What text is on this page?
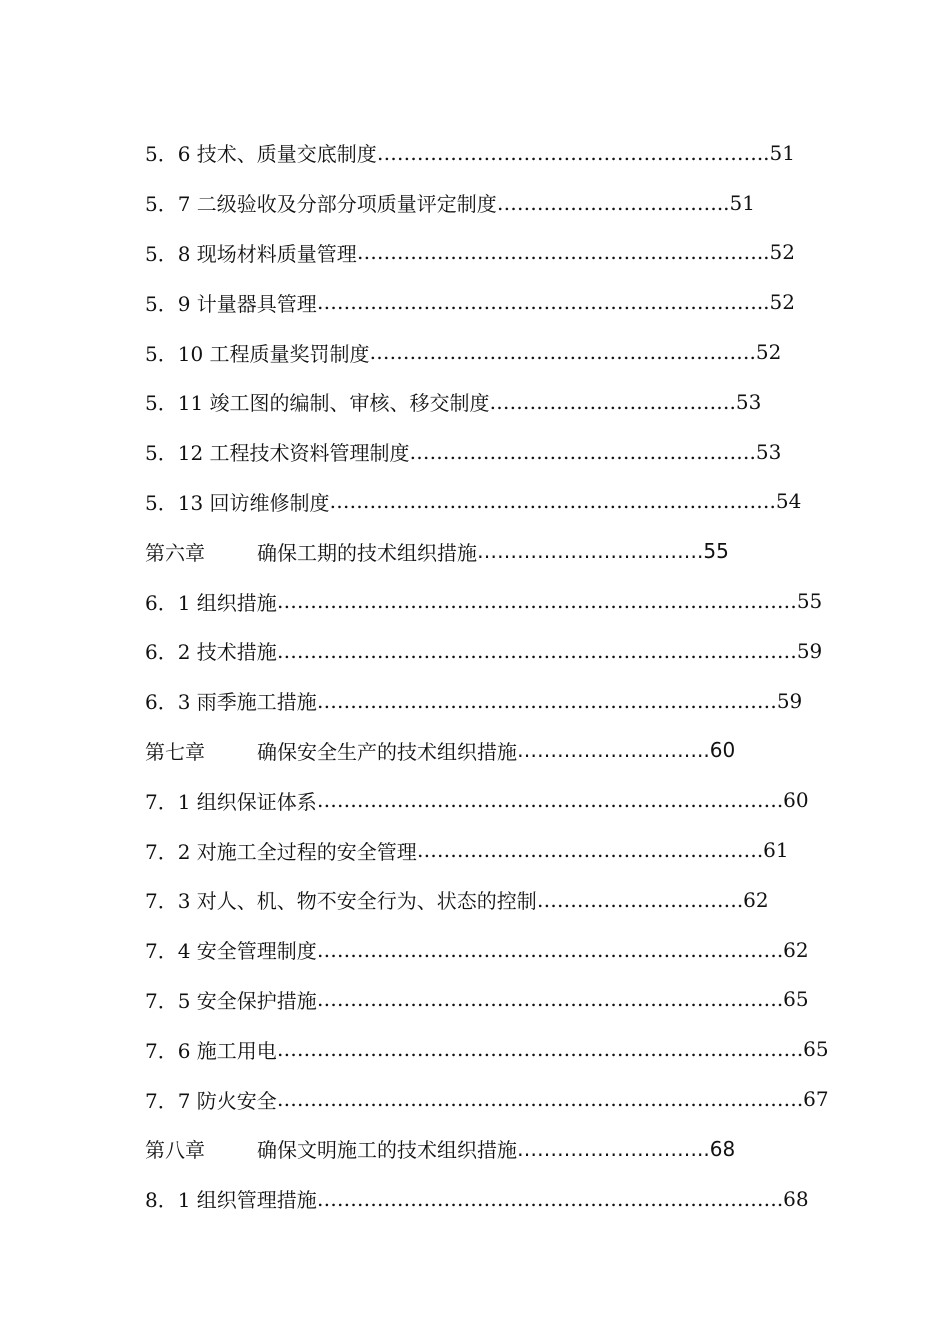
5．6 技术、质量交底制度 ………………………………………………….. 51
5．7 二级验收及分部分项质量评定制度 …………………………….. 51
5．8 现场材料质量管理 …………………………………………………….. 52
5．9 计量器具管理 ………………………………………………………….. 52
5．10 工程质量奖罚制度 …………………………………………………. 52
5．11 竣工图的编制、审核、移交制度 ………………………………. 53
5．12 工程技术资料管理制度 ……………………………………………. 53
5．13 回访维修制度 …………………………………………………………. 54
第六章	确保工期的技术组织措施 ……………………………. 55
6．1 组织措施 …………………………………………………………………… 55
6．2 技术措施 …………………………………………………………………… 59
6．3 雨季施工措施 …………………………………………………………… 59
第七章	确保安全生产的技术组织措施 ……………………….. 60
7．1 组织保证体系 ……………………………………………………………. 60
7．2 对施工全过程的安全管理 ……………………………………………. 61
7．3 对人、机、物不安全行为、状态的控制 …………………………. 62
7．4 安全管理制度 ……………………………………………………………. 62
7．5 安全保护措施 ……………………………………………………………. 65
7．6 施工用电 ……………………………………………………………………. 65
7．7 防火安全 ……………………………………………………………………. 67
第八章	确保文明施工的技术组织措施 ……………………….. 68
8．1 组织管理措施 ……………………………………………………………. 68
